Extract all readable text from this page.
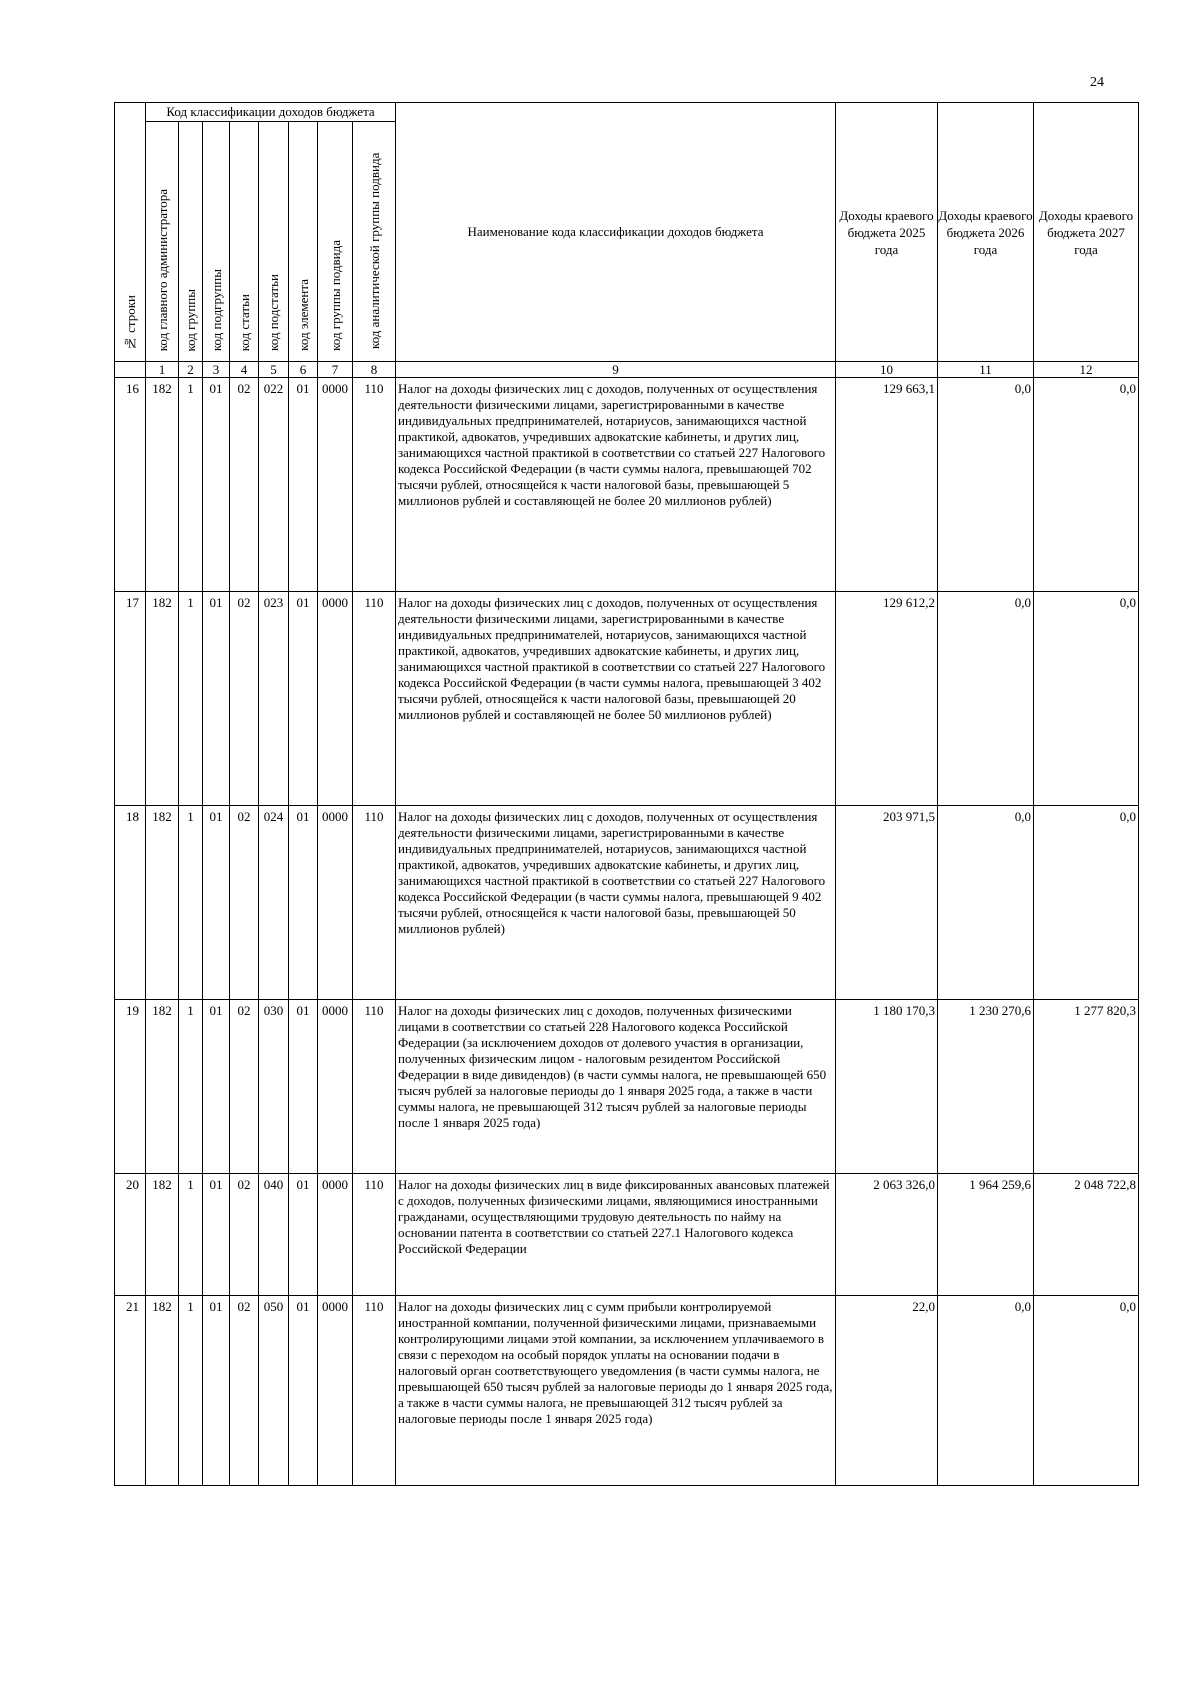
24
№ строки	Код классификации доходов бюджета								Наименование кода классификации доходов бюджета	Доходы краевого бюджета 2025 года	Доходы краевого бюджета 2026 года	Доходы краевого бюджета 2027 года
	код главного администратора	код группы	код подгруппы	код статьи	код подстатьи	код элемента	код группы подвида	код аналитической группы подвида				
	1	2	3	4	5	6	7	8	9	10	11	12
16	182	1	01	02	022	01	0000	110	Налог на доходы физических лиц с доходов, полученных от осуществления деятельности физическими лицами, зарегистрированными в качестве индивидуальных предпринимателей, нотариусов, занимающихся частной практикой, адвокатов, учредивших адвокатские кабинеты, и других лиц, занимающихся частной практикой в соответствии со статьей 227 Налогового кодекса Российской Федерации (в части суммы налога, превышающей 702 тысячи рублей, относящейся к части налоговой базы, превышающей 5 миллионов рублей и составляющей не более 20 миллионов рублей)	129 663,1	0,0	0,0
17	182	1	01	02	023	01	0000	110	Налог на доходы физических лиц с доходов, полученных от осуществления деятельности физическими лицами, зарегистрированными в качестве индивидуальных предпринимателей, нотариусов, занимающихся частной практикой, адвокатов, учредивших адвокатские кабинеты, и других лиц, занимающихся частной практикой в соответствии со статьей 227 Налогового кодекса Российской Федерации (в части суммы налога, превышающей 3 402 тысячи рублей, относящейся к части налоговой базы, превышающей 20 миллионов рублей и составляющей не более 50 миллионов рублей)	129 612,2	0,0	0,0
18	182	1	01	02	024	01	0000	110	Налог на доходы физических лиц с доходов, полученных от осуществления деятельности физическими лицами, зарегистрированными в качестве индивидуальных предпринимателей, нотариусов, занимающихся частной практикой, адвокатов, учредивших адвокатские кабинеты, и других лиц, занимающихся частной практикой в соответствии со статьей 227 Налогового кодекса Российской Федерации (в части суммы налога, превышающей 9 402 тысячи рублей, относящейся к части налоговой базы, превышающей 50 миллионов рублей)	203 971,5	0,0	0,0
19	182	1	01	02	030	01	0000	110	Налог на доходы физических лиц с доходов, полученных физическими лицами в соответствии со статьей 228 Налогового кодекса Российской Федерации (за исключением доходов от долевого участия в организации, полученных физическим лицом - налоговым резидентом Российской Федерации в виде дивидендов) (в части суммы налога, не превышающей 650 тысяч рублей за налоговые периоды до 1 января 2025 года, а также в части суммы налога, не превышающей 312 тысяч рублей за налоговые периоды после 1 января 2025 года)	1 180 170,3	1 230 270,6	1 277 820,3
20	182	1	01	02	040	01	0000	110	Налог на доходы физических лиц в виде фиксированных авансовых платежей с доходов, полученных физическими лицами, являющимися иностранными гражданами, осуществляющими трудовую деятельность по найму на основании патента в соответствии со статьей 227.1 Налогового кодекса Российской Федерации	2 063 326,0	1 964 259,6	2 048 722,8
21	182	1	01	02	050	01	0000	110	Налог на доходы физических лиц с сумм прибыли контролируемой иностранной компании, полученной физическими лицами, признаваемыми контролирующими лицами этой компании, за исключением уплачиваемого в связи с переходом на особый порядок уплаты на основании подачи в налоговый орган соответствующего уведомления (в части суммы налога, не превышающей 650 тысяч рублей за налоговые периоды до 1 января 2025 года, а также в части суммы налога, не превышающей 312 тысяч рублей за налоговые периоды после 1 января 2025 года)	22,0	0,0	0,0
